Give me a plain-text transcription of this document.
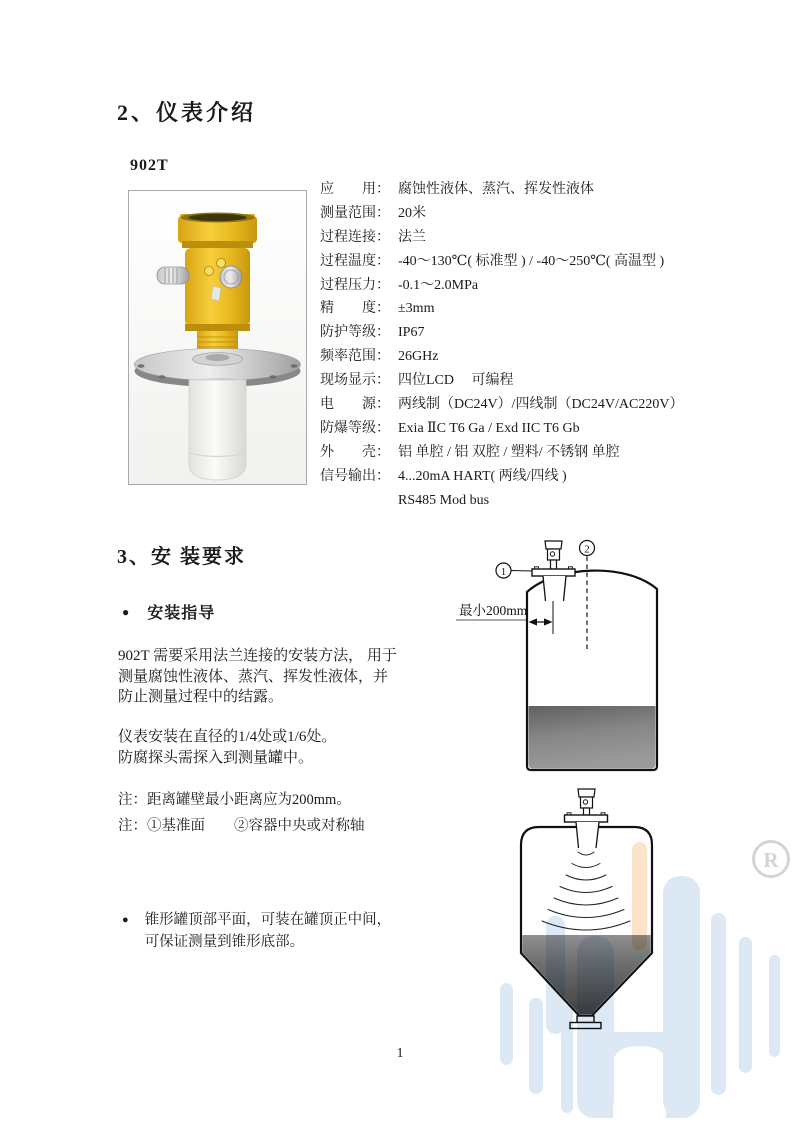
2、仪表介绍
902T
应　　用： 腐蚀性液体、蒸汽、挥发性液体
测量范围： 20米
过程连接： 法兰
过程温度： -40～130℃( 标准型 ) / -40～250℃( 高温型 )
过程压力： -0.1～2.0MPa
精　　度： ±3mm
防护等级： IP67
频率范围： 26GHz
现场显示： 四位LCD　 可编程
电　　源： 两线制（DC24V）/四线制（DC24V/AC220V）
防爆等级： Exia ⅡC T6 Ga / Exd IIC T6 Gb
外　　壳： 铝 单腔 / 铝 双腔 / 塑料/ 不锈钢 单腔
信号输出： 4...20mA HART( 两线/四线 )
RS485 Mod bus
3、安 装要求
● 安装指导
902T 需要采用法兰连接的安装方法， 用于
测量腐蚀性液体、蒸汽、挥发性液体，并
防止测量过程中的结露。
仪表安装在直径的1/4处或1/6处。
防腐探头需探入到测量罐中。
注：距离罐壁最小距离应为200mm。
注：①基准面　　②容器中央或对称轴
● 锥形罐顶部平面，可装在罐顶正中间，
可保证测量到锥形底部。
最小200mm
1
2
R
1
